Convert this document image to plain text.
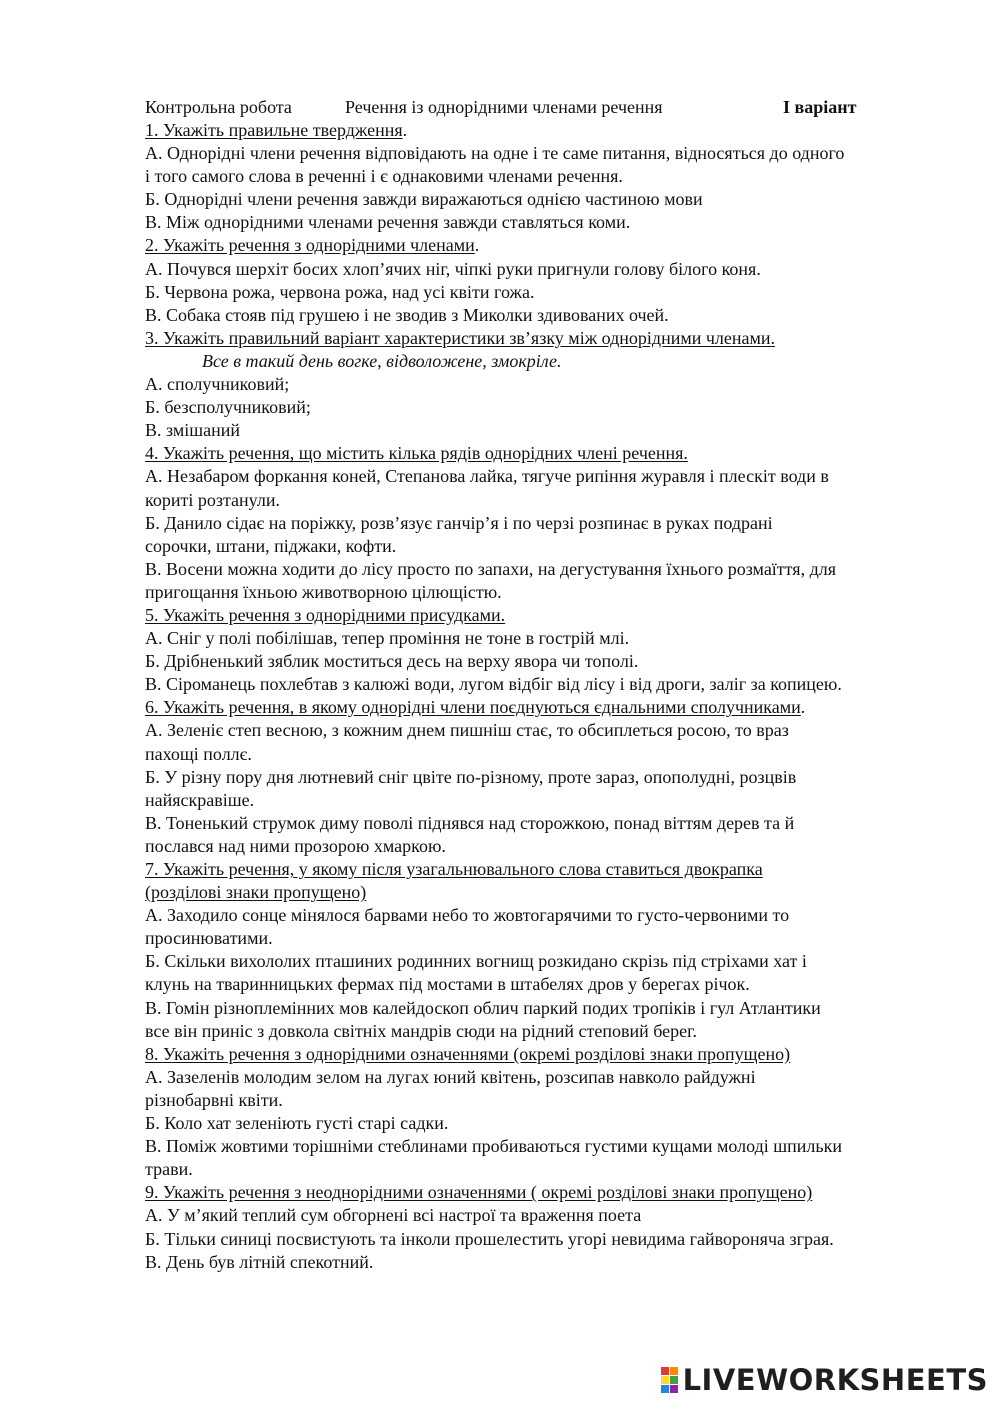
Контрольна робота	Речення із однорідними членами речення	І варіант
1. Укажіть правильне твердження.
А. Однорідні члени речення відповідають на одне і те саме питання, відносяться до одного
і того самого слова в реченні і є однаковими членами речення.
Б. Однорідні члени речення завжди виражаються однією частиною мови
В. Між однорідними членами речення завжди ставляться коми.
2. Укажіть речення з однорідними членами.
А. Почувся шерхіт босих хлоп’ячих ніг, чіпкі руки пригнули голову білого коня.
Б. Червона рожа, червона рожа, над усі квіти гожа.
В. Собака стояв під грушею і не зводив з Миколки здивованих очей.
3. Укажіть правильний варіант характеристики зв’язку між однорідними членами.
Все в такий день вогке, відволожене, змокріле.
А. сполучниковий;
Б. безсполучниковий;
В. змішаний
4. Укажіть речення, що містить кілька рядів однорідних члені речення.
А. Незабаром форкання коней, Степанова лайка, тягуче рипіння журавля і плескіт води в
кориті розтанули.
Б. Данило сідає на поріжку, розв’язує ганчір’я і по черзі розпинає в руках подрані
сорочки, штани, піджаки, кофти.
В. Восени можна ходити до лісу просто по запахи, на дегустування їхнього розмаїття, для
пригощання їхньою животворною цілющістю.
5. Укажіть речення з однорідними присудками.
А. Сніг у полі побілішав, тепер проміння не тоне в гострій млі.
Б. Дрібненький зяблик моститься десь на верху явора чи тополі.
В. Сіроманець похлебтав з калюжі води, лугом відбіг від лісу і від дроги, заліг за копицею.
6. Укажіть речення, в якому однорідні члени поєднуються єднальними сполучниками.
А. Зеленіє степ весною, з кожним днем пишніш стає, то обсиплеться росою, то враз
пахощі поллє.
Б. У різну пору дня лютневий сніг цвіте по-різному, проте зараз, опополудні, розцвів
найяскравіше.
В. Тоненький струмок диму поволі піднявся над сторожкою, понад віттям дерев та й
послався над ними прозорою хмаркою.
7. Укажіть речення, у якому після узагальнювального слова ставиться двокрапка
(розділові знаки пропущено)
А. Заходило сонце мінялося барвами небо то жовтогарячими то густо-червоними то
просинюватими.
Б. Скільки вихололих пташиних родинних вогнищ розкидано скрізь під стріхами хат і
клунь на тваринницьких фермах під мостами в штабелях дров у берегах річок.
В. Гомін різноплемінних мов калейдоскоп облич паркий подих тропіків і гул Атлантики
все він приніс з довкола світніх мандрів сюди на рідний степовий берег.
8. Укажіть речення з однорідними означеннями (окремі розділові знаки пропущено)
А. Зазеленів молодим зелом на лугах юний квітень, розсипав навколо райдужні
різнобарвні квіти.
Б. Коло хат зеленіють густі старі садки.
В. Поміж жовтими торішніми стеблинами пробиваються густими кущами молоді шпильки
трави.
9. Укажіть речення з неоднорідними означеннями ( окремі розділові знаки пропущено)
А. У м’який теплий сум обгорнені всі настрої та враження поета
Б. Тільки синиці посвистують та інколи прошелестить угорі невидима гайвороняча зграя.
В. День був літній спекотний.
LIVEWORKSHEETS
